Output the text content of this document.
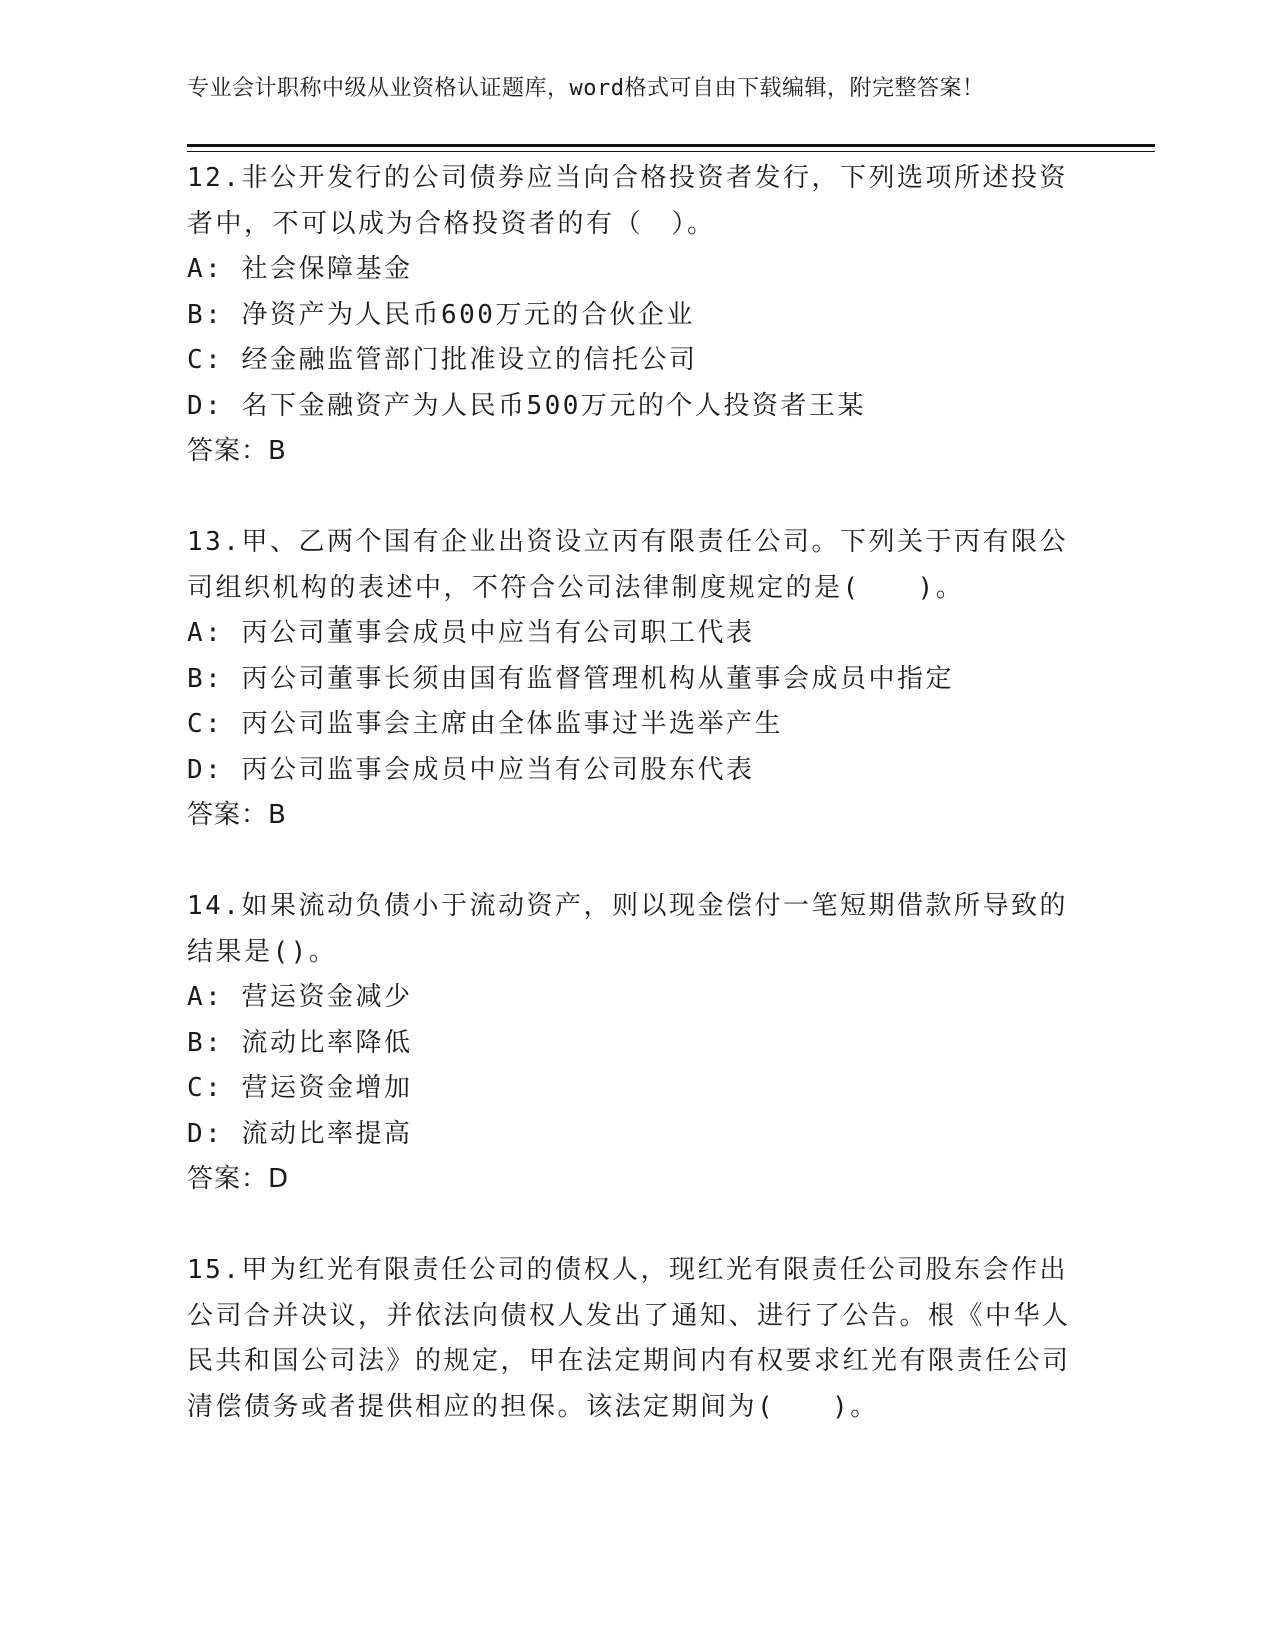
专业会计职称中级从业资格认证题库，word格式可自由下载编辑，附完整答案！

12.非公开发行的公司债券应当向合格投资者发行，下列选项所述投资者中，不可以成为合格投资者的有（　）。

A: 社会保障基金

B: 净资产为人民币600万元的合伙企业

C: 经金融监管部门批准设立的信托公司

D: 名下金融资产为人民币500万元的个人投资者王某

答案：B

13.甲、乙两个国有企业出资设立丙有限责任公司。下列关于丙有限公司组织机构的表述中，不符合公司法律制度规定的是(　　)。

A: 丙公司董事会成员中应当有公司职工代表

B: 丙公司董事长须由国有监督管理机构从董事会成员中指定

C: 丙公司监事会主席由全体监事过半选举产生

D: 丙公司监事会成员中应当有公司股东代表

答案：B

14.如果流动负债小于流动资产，则以现金偿付一笔短期借款所导致的结果是()。

A: 营运资金减少

B: 流动比率降低

C: 营运资金增加

D: 流动比率提高

答案：D

15.甲为红光有限责任公司的债权人，现红光有限责任公司股东会作出公司合并决议，并依法向债权人发出了通知、进行了公告。根《中华人民共和国公司法》的规定，甲在法定期间内有权要求红光有限责任公司清偿债务或者提供相应的担保。该法定期间为(　　)。
